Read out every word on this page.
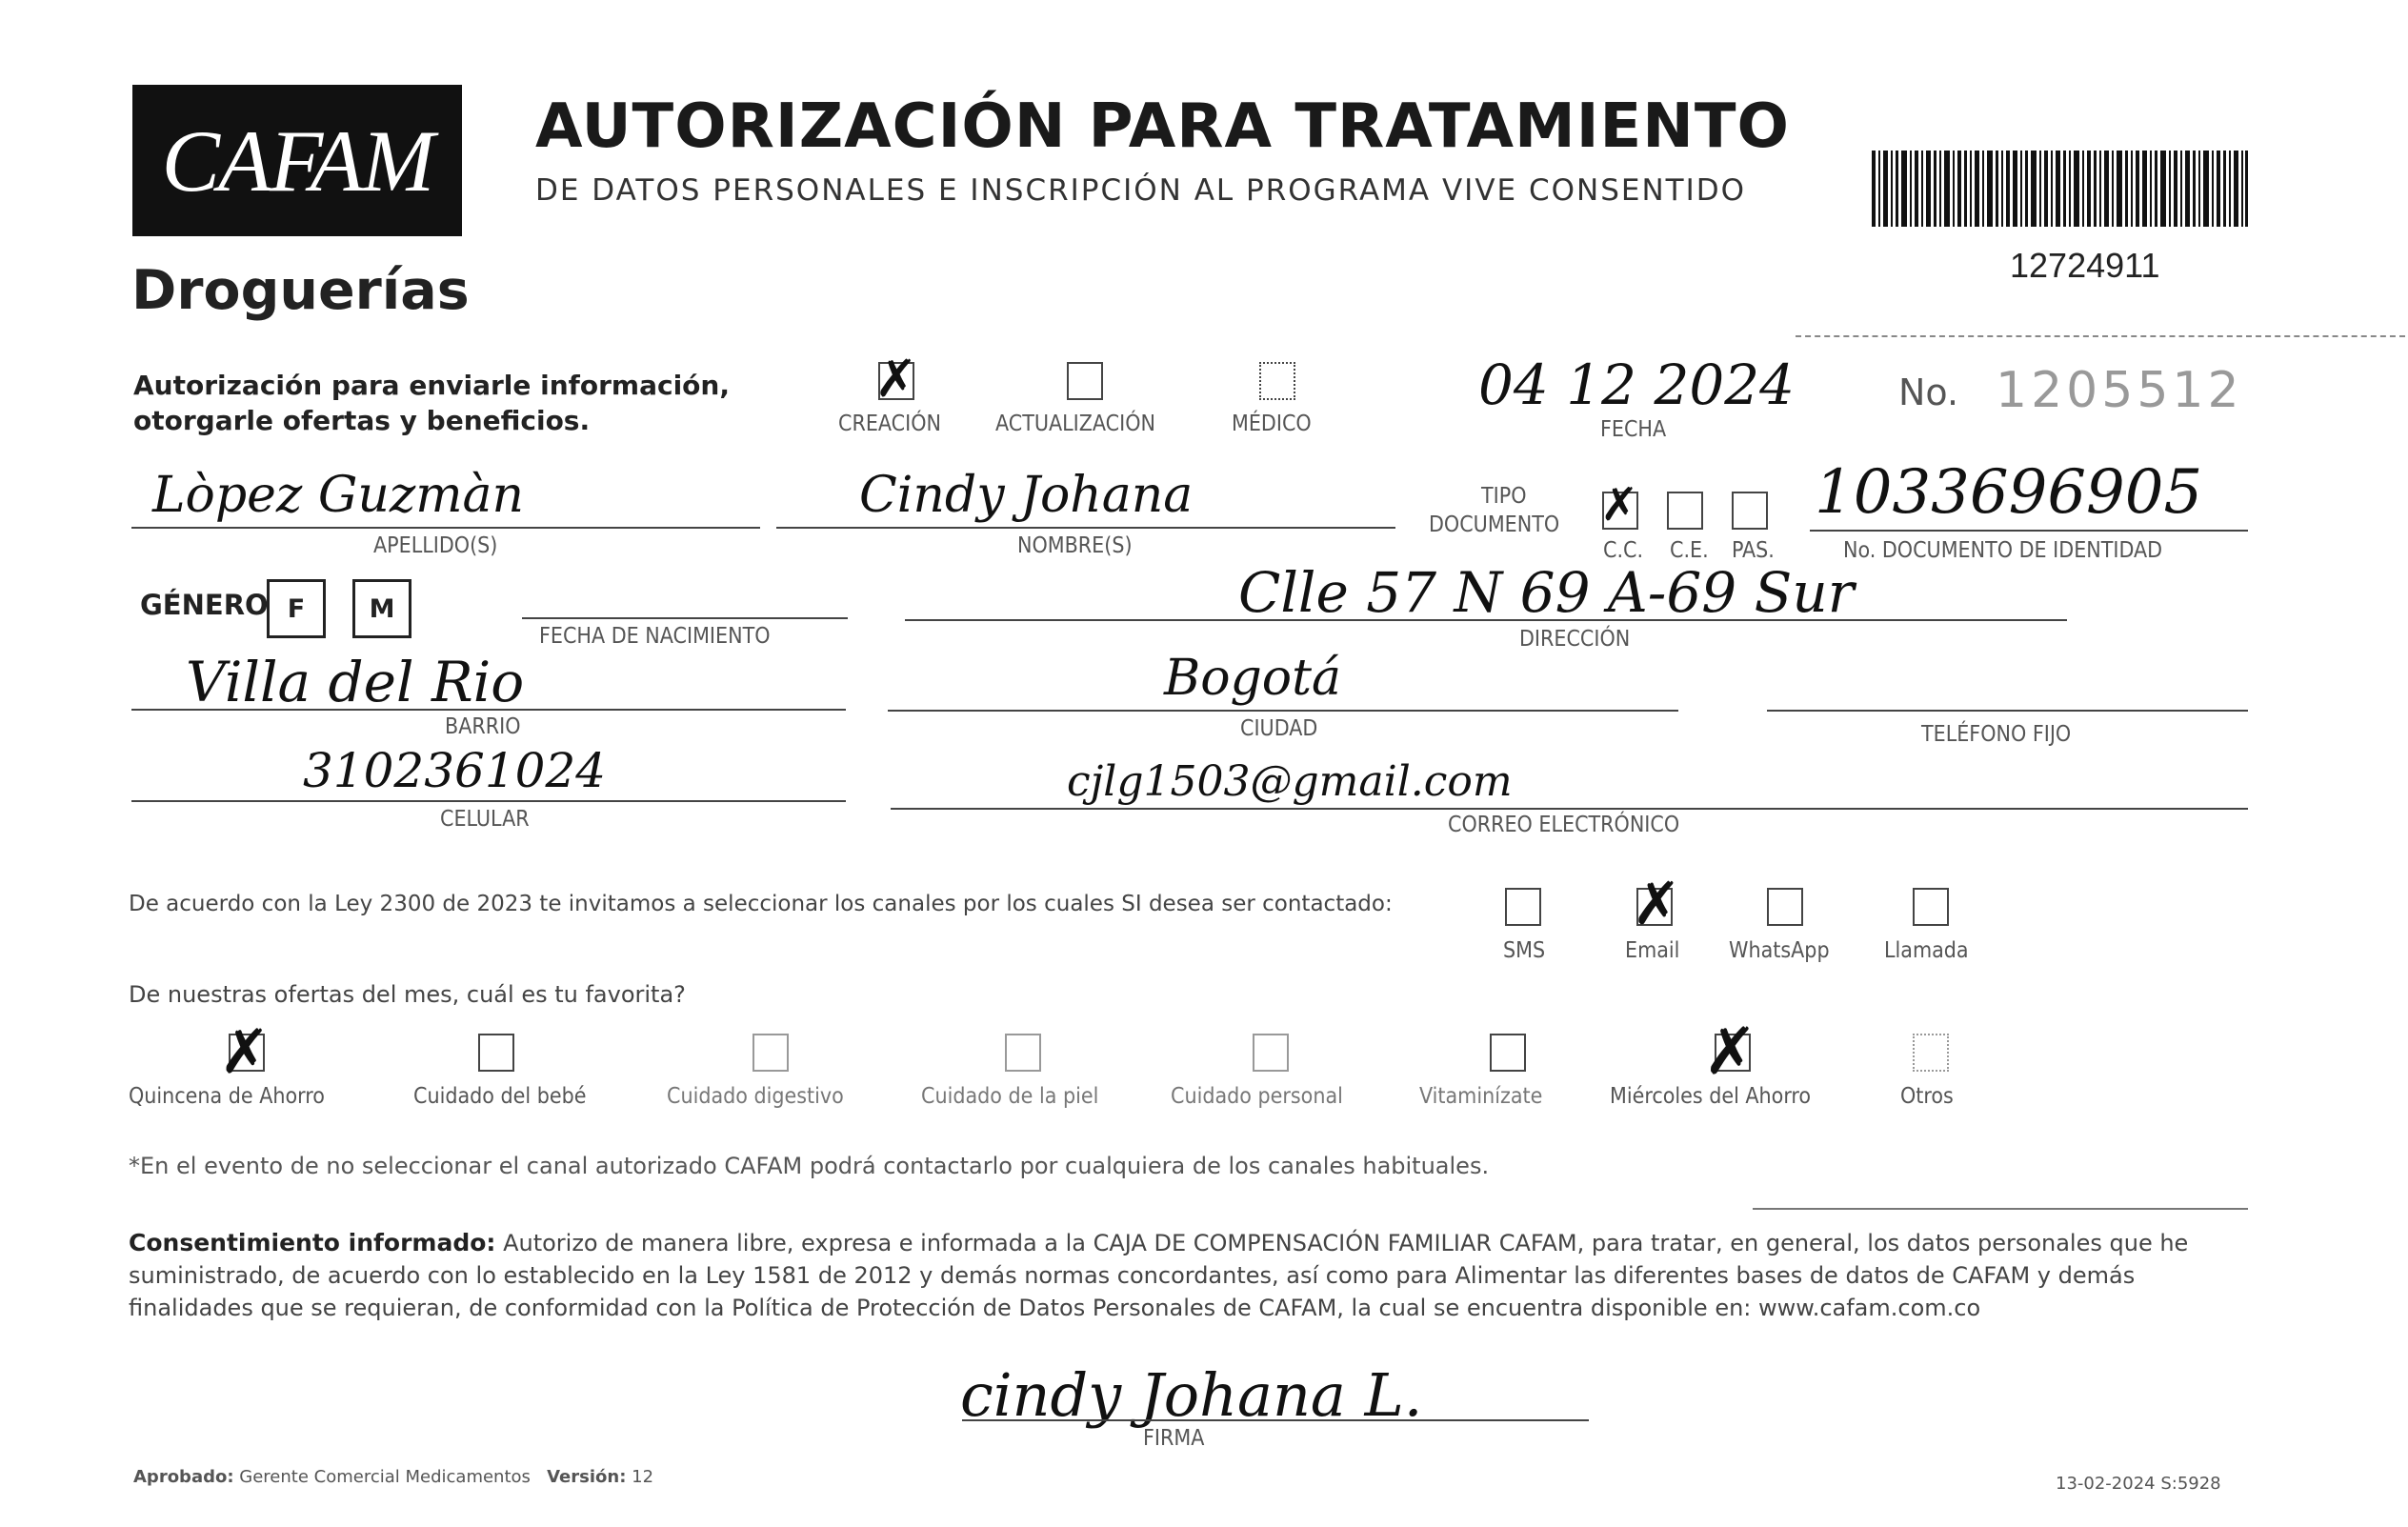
CAFAM
Droguerías
AUTORIZACIÓN PARA TRATAMIENTO
DE DATOS PERSONALES E INSCRIPCIÓN AL PROGRAMA VIVE CONSENTIDO
12724911
Autorización para enviarle información,
otorgarle ofertas y beneficios.
✗
CREACIÓN ACTUALIZACIÓN	MÉDICO
04 12 2024
FECHA
No. 1205512
Lòpez Guzmàn
APELLIDO(S)
Cindy Johana
NOMBRE(S)
TIPO
DOCUMENTO ✗
C.C. C.E. PAS.
1033696905
No. DOCUMENTO DE IDENTIDAD
GÉNERO F M
FECHA DE NACIMIENTO
Clle 57 N 69 A-69 Sur
DIRECCIÓN
Villa del Rio
BARRIO
Bogotá
CIUDAD	TELÉFONO FIJO
3102361024
CELULAR
cjlg1503@gmail.com
CORREO ELECTRÓNICO
De acuerdo con la Ley 2300 de 2023 te invitamos a seleccionar los canales por los cuales SI desea ser contactado:
SMS
✗
Email WhatsApp Llamada
De nuestras ofertas del mes, cuál es tu favorita?
✗
Quincena de Ahorro	Cuidado del bebé	Cuidado digestivo	Cuidado de la piel	Cuidado personal	Vitaminízate
✗
Miércoles del Ahorro	Otros
*En el evento de no seleccionar el canal autorizado CAFAM podrá contactarlo por cualquiera de los canales habituales.
Consentimiento informado: Autorizo de manera libre, expresa e informada a la CAJA DE COMPENSACIÓN FAMILIAR CAFAM, para tratar, en general, los datos personales que he
suministrado, de acuerdo con lo establecido en la Ley 1581 de 2012 y demás normas concordantes, así como para Alimentar las diferentes bases de datos de CAFAM y demás
finalidades que se requieran, de conformidad con la Política de Protección de Datos Personales de CAFAM, la cual se encuentra disponible en: www.cafam.com.co
cindy Johana L.
FIRMA
Aprobado: Gerente Comercial Medicamentos Versión: 12	13-02-2024 S:5928
